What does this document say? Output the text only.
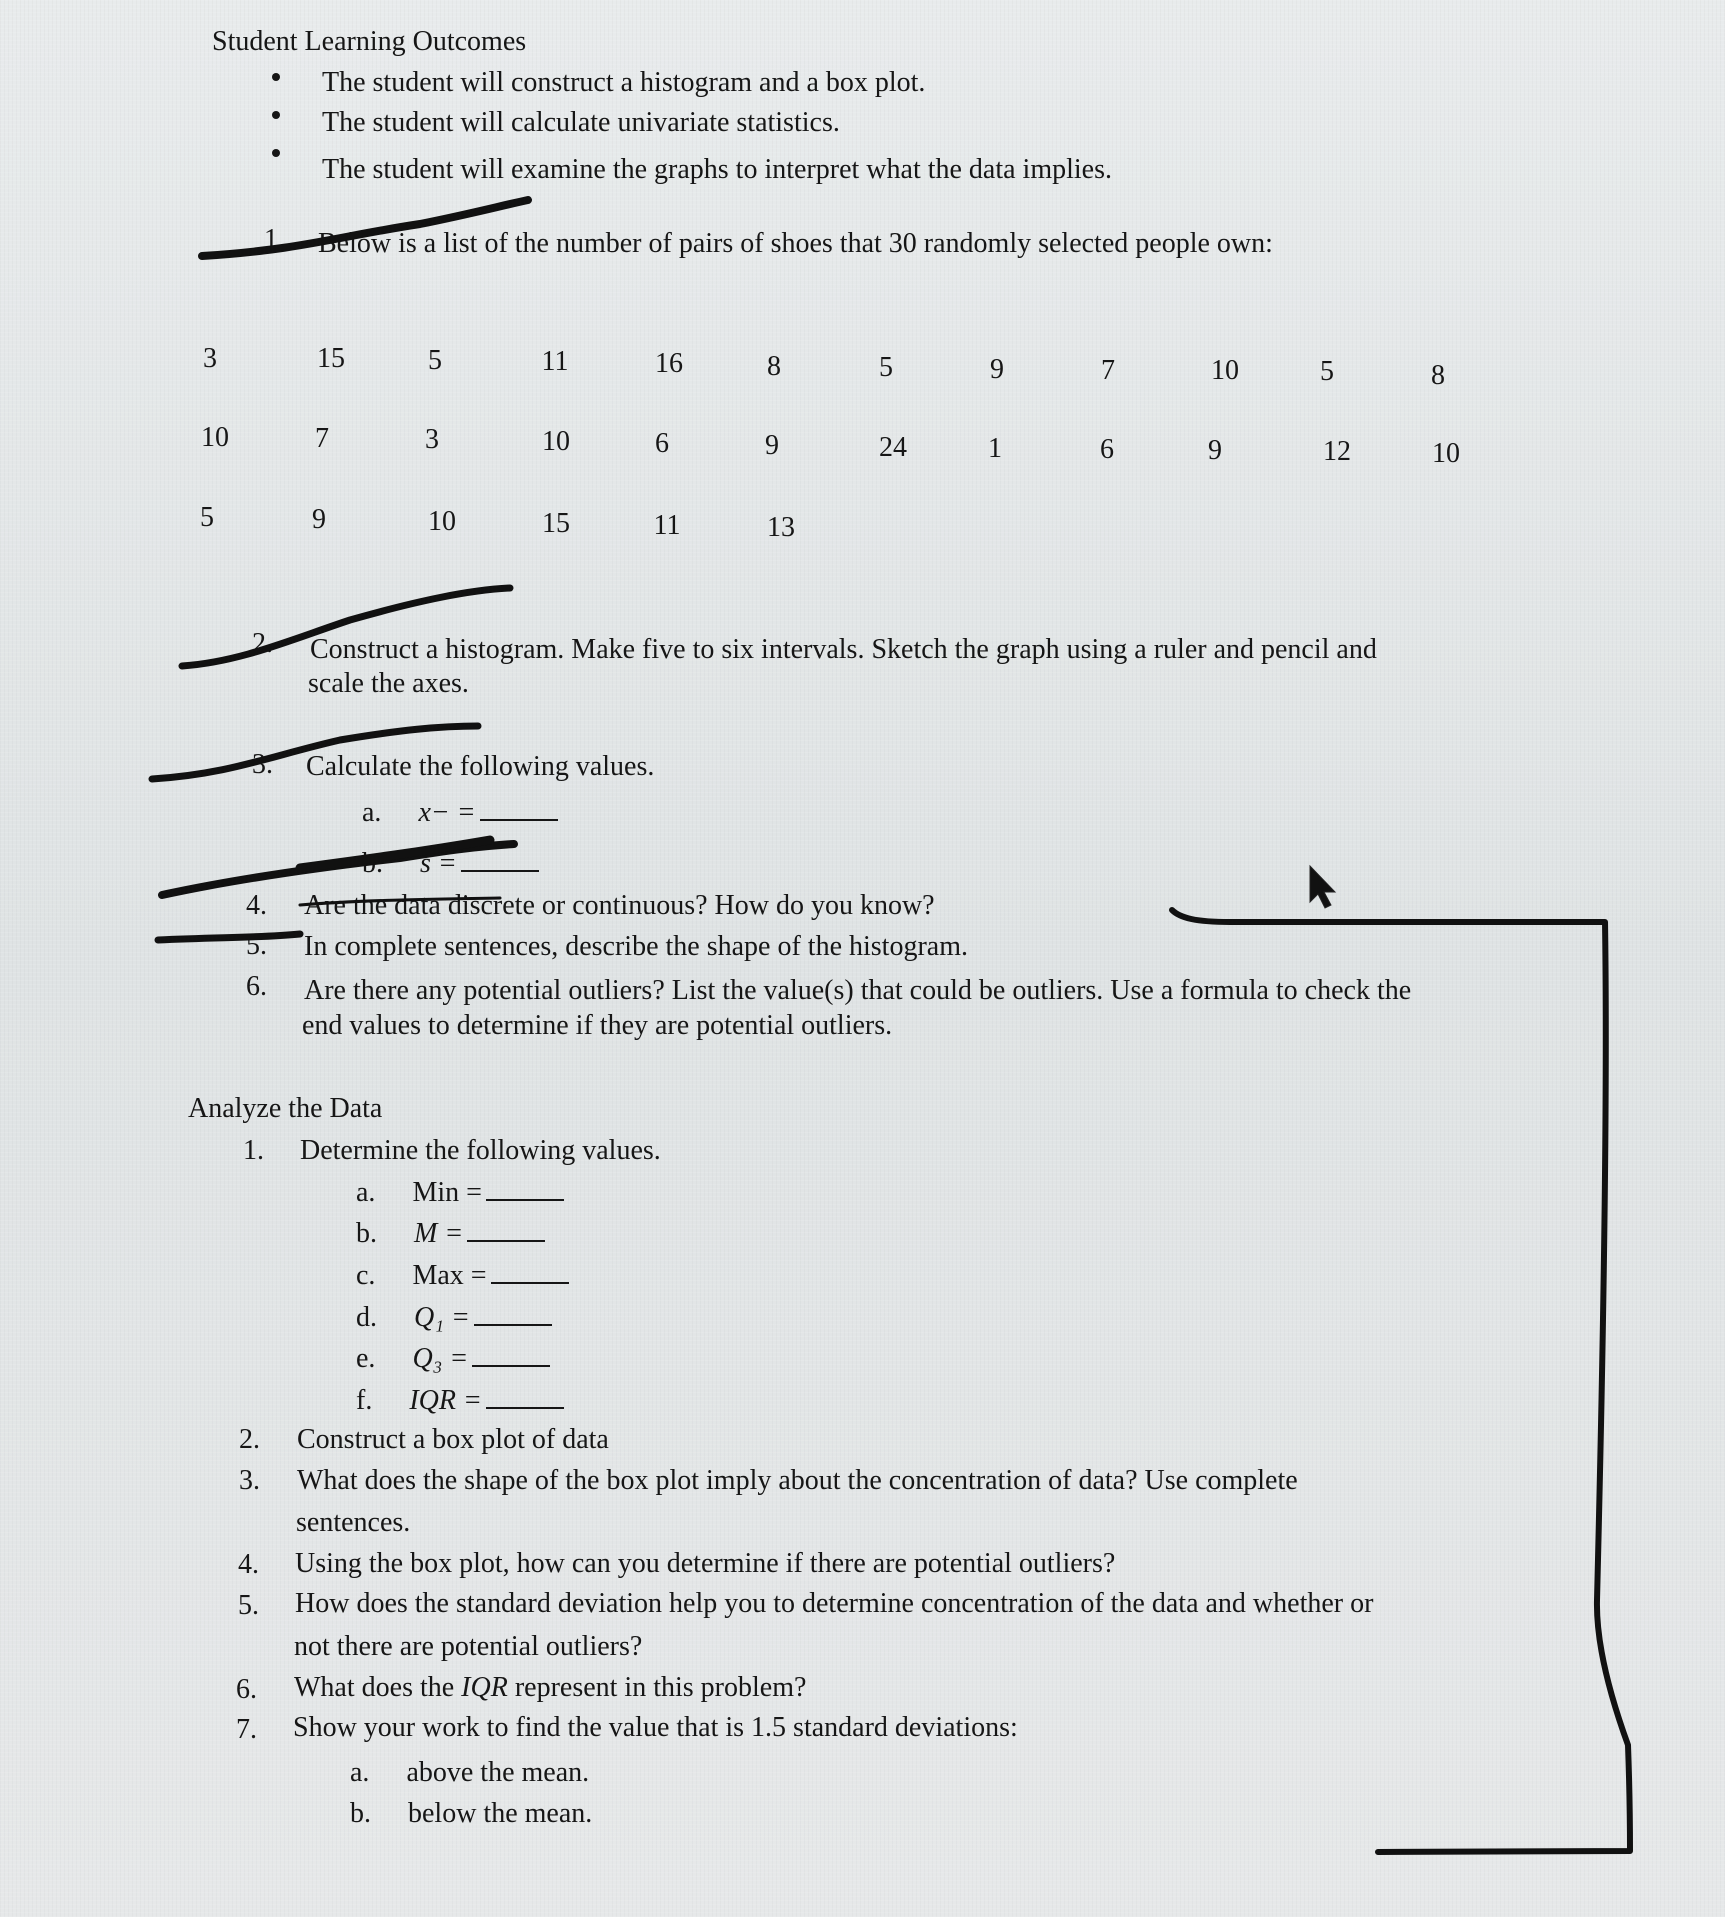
Student Learning Outcomes
The student will construct a histogram and a box plot.
The student will calculate univariate statistics.
The student will examine the graphs to interpret what the data implies.
1. Below is a list of the number of pairs of shoes that 30 randomly selected people own:
3	15	5	11	16	8	5	9	7	10	5	8
10	7	3	10	6	9	24	1	6	9	12	10
5	9	10	15	11	13
2. Construct a histogram. Make five to six intervals. Sketch the graph using a ruler and pencil and
scale the axes.
3. Calculate the following values.
a. x− =
b. s =
4. Are the data discrete or continuous? How do you know?
5. In complete sentences, describe the shape of the histogram.
6. Are there any potential outliers? List the value(s) that could be outliers. Use a formula to check the
end values to determine if they are potential outliers.
Analyze the Data
1. Determine the following values.
a. Min =
b. M =
c. Max =
d. Q₁ =
e. Q₃ =
f. IQR =
2. Construct a box plot of data
3. What does the shape of the box plot imply about the concentration of data? Use complete
sentences.
4. Using the box plot, how can you determine if there are potential outliers?
5. How does the standard deviation help you to determine concentration of the data and whether or
not there are potential outliers?
6. What does the IQR represent in this problem?
7. Show your work to find the value that is 1.5 standard deviations:
a. above the mean.
b. below the mean.
